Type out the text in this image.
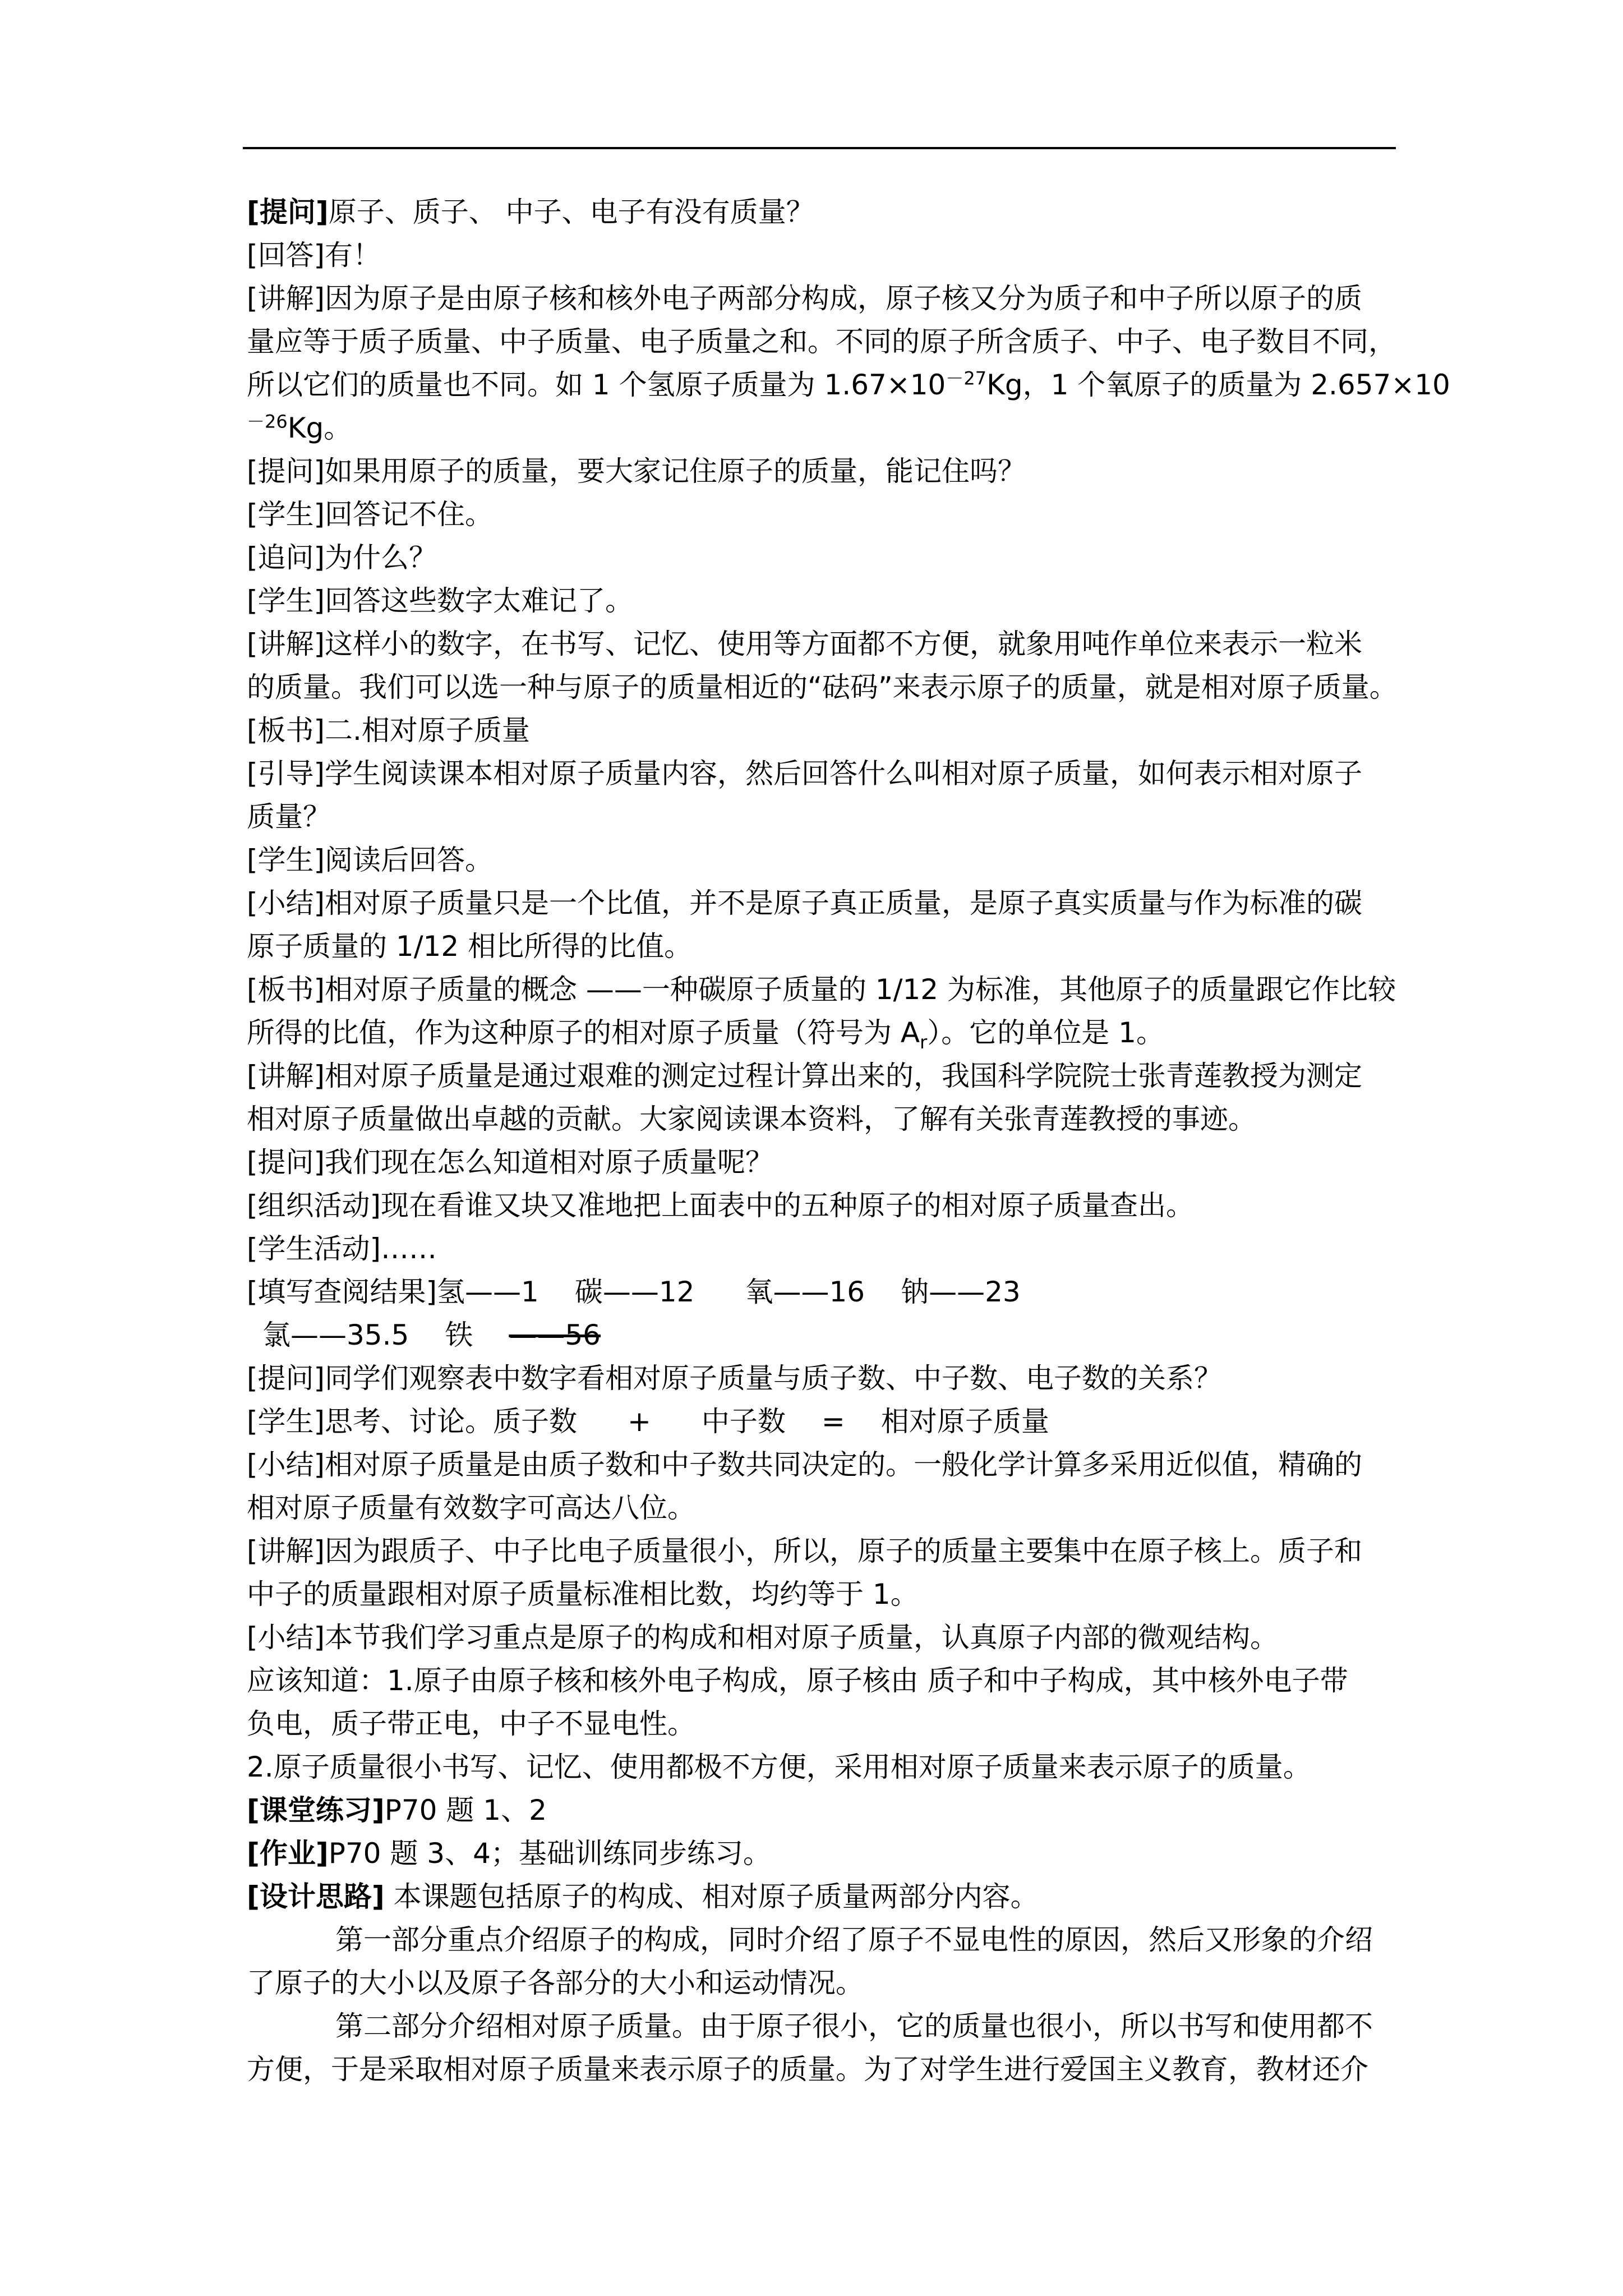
[提问]原子、质子、 中子、电子有没有质量？
[回答]有！
[讲解]因为原子是由原子核和核外电子两部分构成，原子核又分为质子和中子所以原子的质
量应等于质子质量、中子质量、电子质量之和。不同的原子所含质子、中子、电子数目不同，
所以它们的质量也不同。如 1 个氢原子质量为 $1.67\times 10^{-27}Kg$，1 个氧原子的质量为 2.657×10
$^{-26}$Kg。
[提问]如果用原子的质量，要大家记住原子的质量，能记住吗？
[学生]回答记不住。
[追问]为什么？
[学生]回答这些数字太难记了。
[讲解]这样小的数字，在书写、记忆、使用等方面都不方便，就象用吨作单位来表示一粒米
的质量。我们可以选一种与原子的质量相近的“砝码”来表示原子的质量，就是相对原子质量。
[板书]二.相对原子质量
[引导]学生阅读课本相对原子质量内容，然后回答什么叫相对原子质量，如何表示相对原子
质量？
[学生]阅读后回答。
[小结]相对原子质量只是一个比值，并不是原子真正质量，是原子真实质量与作为标准的碳
原子质量的 1/12 相比所得的比值。
[板书]相对原子质量的概念 ——一种碳原子质量的 1/12 为标准，其他原子的质量跟它作比较
所得的比值，作为这种原子的相对原子质量（符号为 $A_r$）。它的单位是 1。
[讲解]相对原子质量是通过艰难的测定过程计算出来的，我国科学院院士张青莲教授为测定
相对原子质量做出卓越的贡献。大家阅读课本资料，了解有关张青莲教授的事迹。
[提问]我们现在怎么知道相对原子质量呢？
[组织活动]现在看谁又块又准地把上面表中的五种原子的相对原子质量查出。
[学生活动]……
[填写查阅结果]氢——1 碳——12 氧——16 钠——23
氯——35.5 铁 ——56
[提问]同学们观察表中数字看相对原子质量与质子数、中子数、电子数的关系？
[学生]思考、讨论。质子数 + 中子数 = 相对原子质量
[小结]相对原子质量是由质子数和中子数共同决定的。一般化学计算多采用近似值，精确的
相对原子质量有效数字可高达八位。
[讲解]因为跟质子、中子比电子质量很小，所以，原子的质量主要集中在原子核上。质子和
中子的质量跟相对原子质量标准相比数，均约等于 1。
[小结]本节我们学习重点是原子的构成和相对原子质量，认真原子内部的微观结构。
应该知道：1.原子由原子核和核外电子构成，原子核由 质子和中子构成，其中核外电子带
负电，质子带正电，中子不显电性。
2.原子质量很小书写、记忆、使用都极不方便，采用相对原子质量来表示原子的质量。
[课堂练习]P70 题 1、2
[作业]P70 题 3、4；基础训练同步练习。
[设计思路] 本课题包括原子的构成、相对原子质量两部分内容。
第一部分重点介绍原子的构成，同时介绍了原子不显电性的原因，然后又形象的介绍
了原子的大小以及原子各部分的大小和运动情况。
第二部分介绍相对原子质量。由于原子很小，它的质量也很小，所以书写和使用都不
方便，于是采取相对原子质量来表示原子的质量。为了对学生进行爱国主义教育，教材还介
